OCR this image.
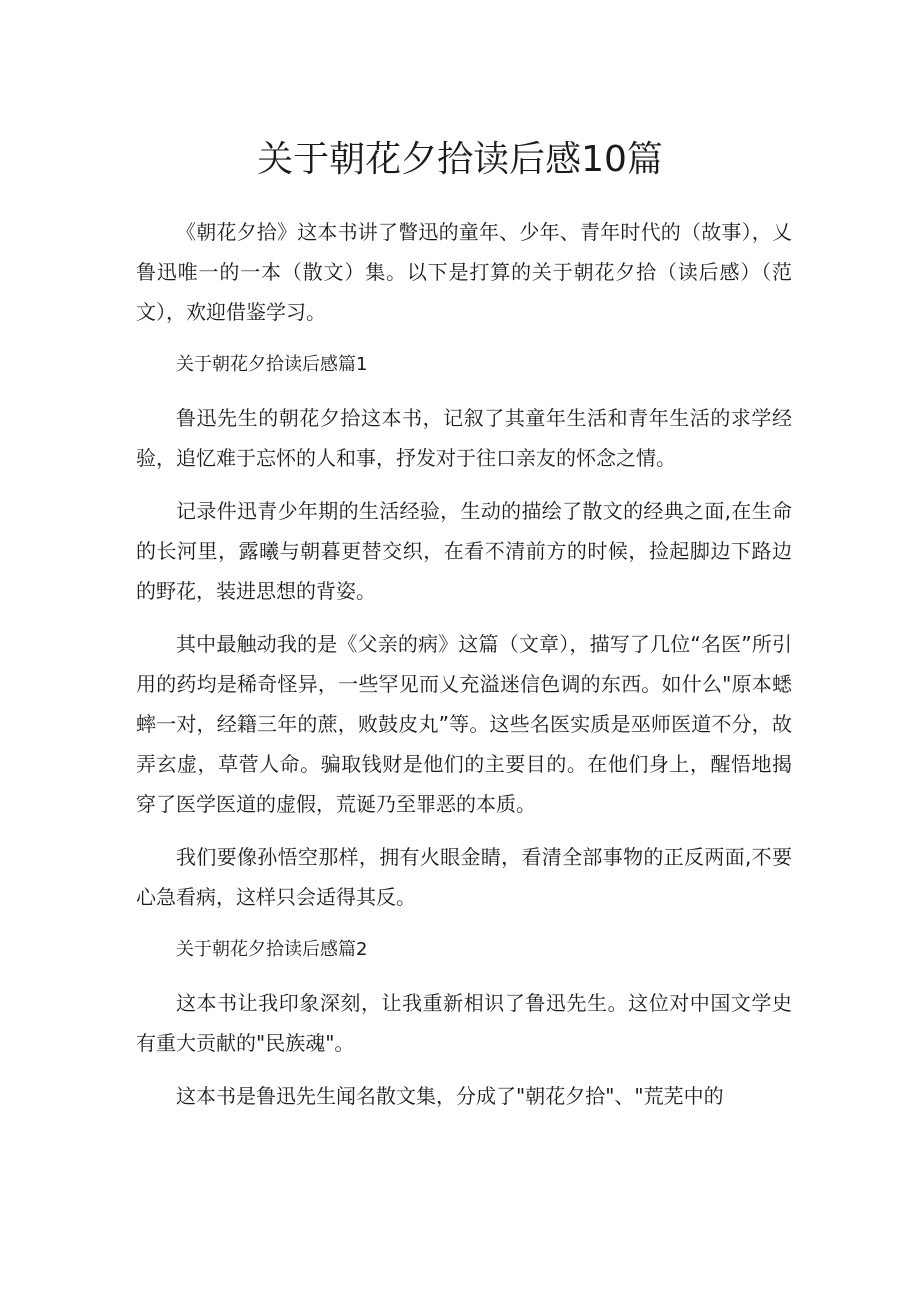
关于朝花夕拾读后感10篇

《朝花夕拾》这本书讲了瞥迅的童年、少年、青年时代的（故事），乂鲁迅唯一的一本（散文）集。以下是打算的关于朝花夕拾（读后感）（范文），欢迎借鉴学习。

关于朝花夕拾读后感篇1

鲁迅先生的朝花夕拾这本书，记叙了其童年生活和青年生活的求学经验，追忆难于忘怀的人和事，抒发对于往口亲友的怀念之情。

记录件迅青少年期的生活经验，生动的描绘了散文的经典之面,在生命的长河里，露曦与朝暮更替交织，在看不清前方的时候，捡起脚边下路边的野花，装进思想的背姿。

其中最触动我的是《父亲的病》这篇（文章），描写了几位“名医”所引用的药均是稀奇怪异，一些罕见而乂充溢迷信色调的东西。如什么"原本蟋蟀一对，经籍三年的蔗，败鼓皮丸”等。这些名医实质是巫师医道不分，故弄玄虚，草菅人命。骗取钱财是他们的主要目的。在他们身上，醒悟地揭穿了医学医道的虚假，荒诞乃至罪恶的本质。

我们要像孙悟空那样，拥有火眼金睛，看清全部事物的正反两面,不要心急看病，这样只会适得其反。

关于朝花夕拾读后感篇2

这本书让我印象深刻，让我重新相识了鲁迅先生。这位对中国文学史有重大贡献的"民族魂"。

这本书是鲁迅先生闻名散文集，分成了"朝花夕拾"、"荒芜中的
